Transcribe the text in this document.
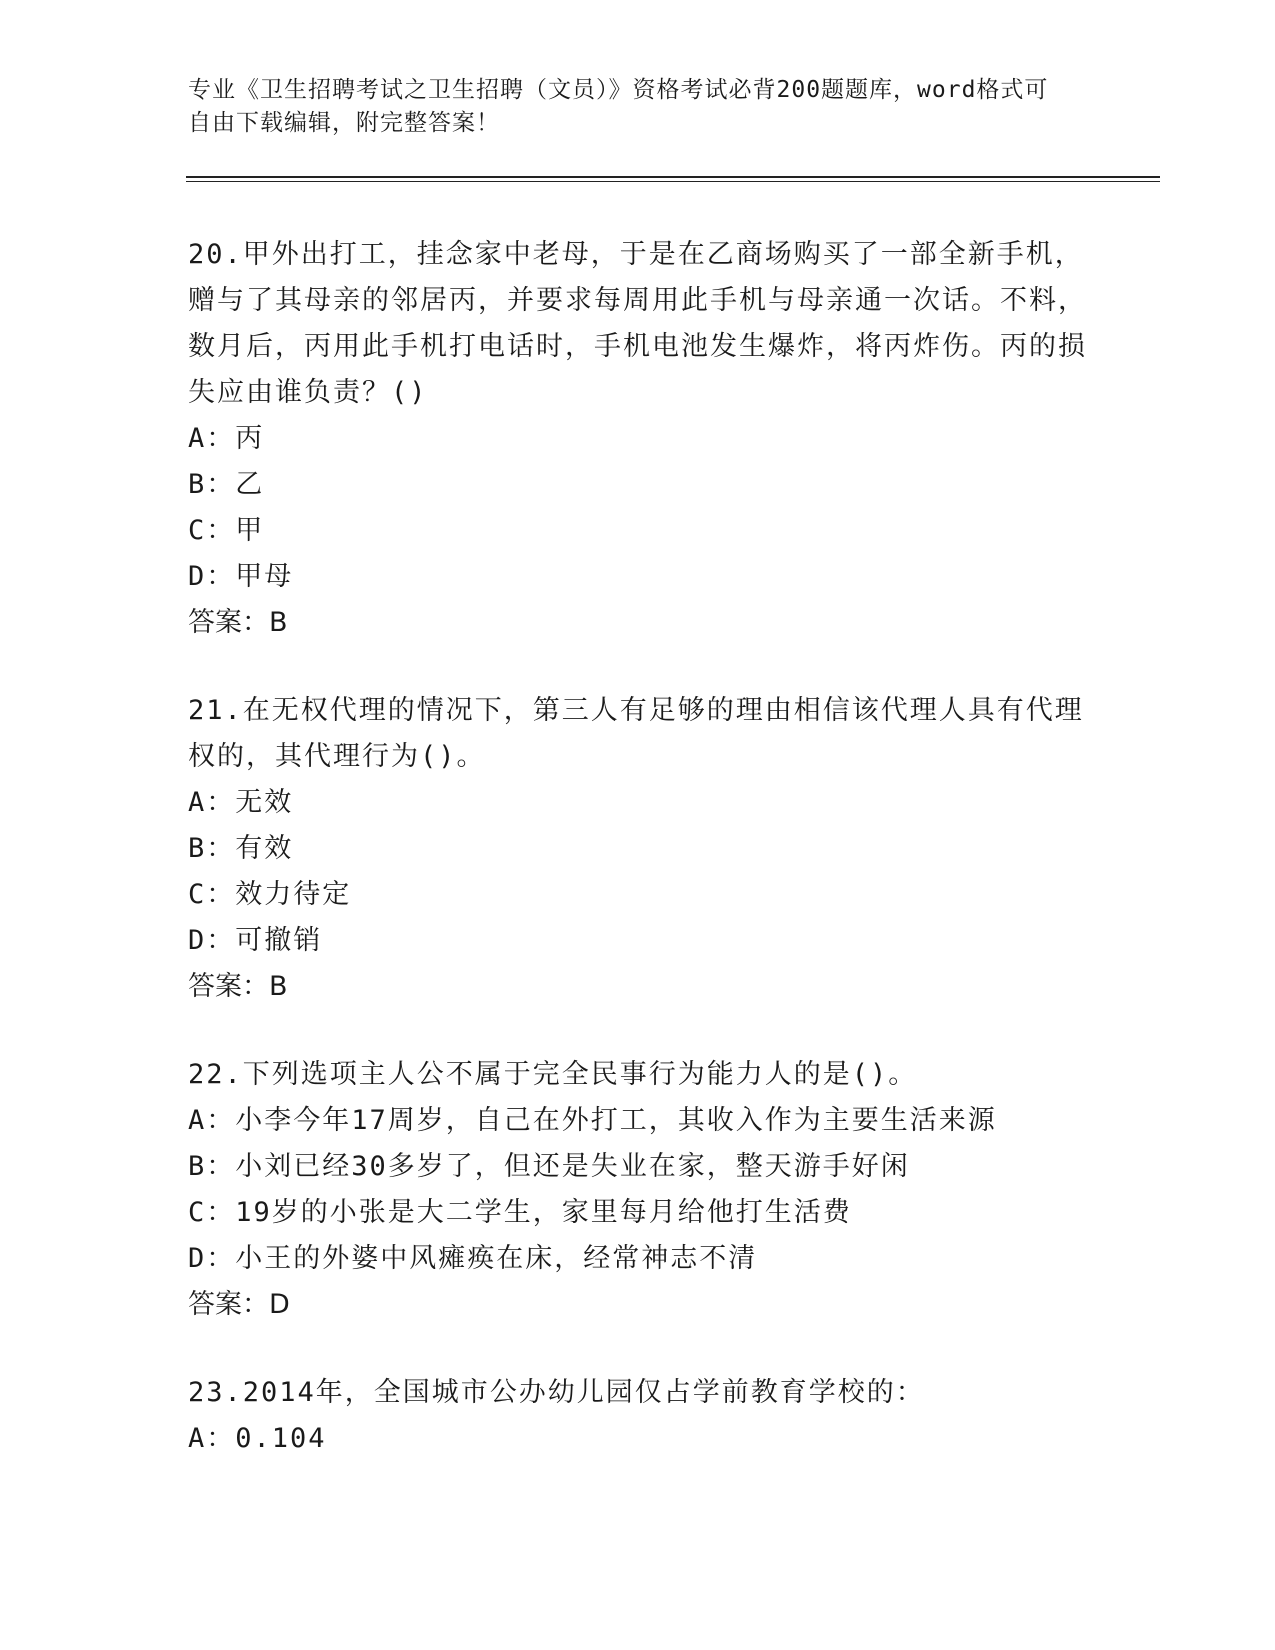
专业《卫生招聘考试之卫生招聘（文员）》资格考试必背200题题库，word格式可自由下载编辑，附完整答案！

20.甲外出打工，挂念家中老母，于是在乙商场购买了一部全新手机，赠与了其母亲的邻居丙，并要求每周用此手机与母亲通一次话。不料，数月后，丙用此手机打电话时，手机电池发生爆炸，将丙炸伤。丙的损失应由谁负责？()

A：丙

B：乙

C：甲

D：甲母

答案：B

21.在无权代理的情况下，第三人有足够的理由相信该代理人具有代理权的，其代理行为()。

A：无效

B：有效

C：效力待定

D：可撤销

答案：B

22.下列选项主人公不属于完全民事行为能力人的是()。

A：小李今年17周岁，自己在外打工，其收入作为主要生活来源

B：小刘已经30多岁了，但还是失业在家，整天游手好闲

C：19岁的小张是大二学生，家里每月给他打生活费

D：小王的外婆中风瘫痪在床，经常神志不清

答案：D

23.2014年，全国城市公办幼儿园仅占学前教育学校的：

A：0.104
